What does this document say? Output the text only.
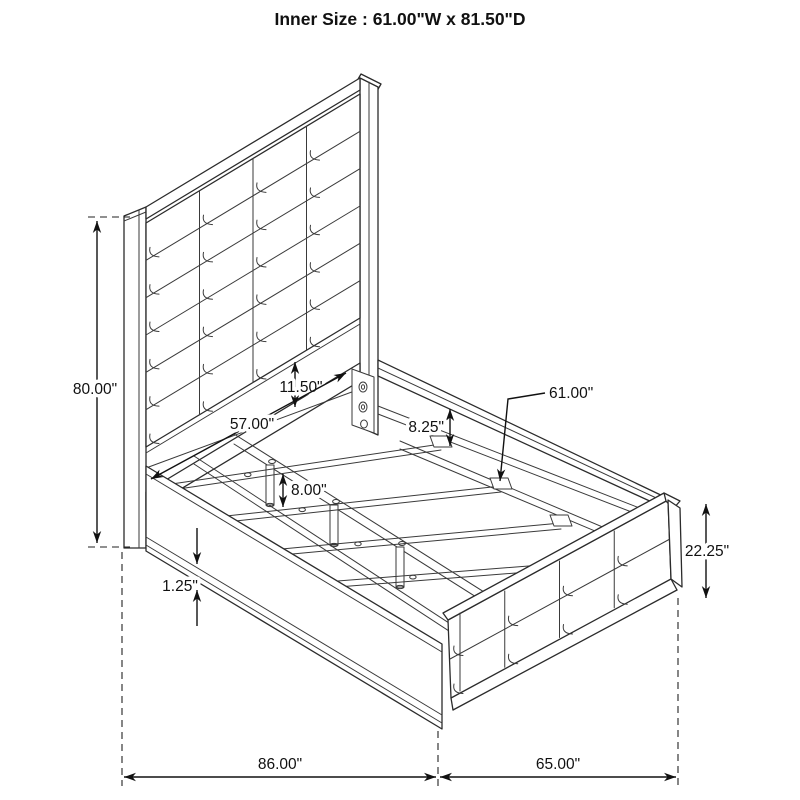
Inner Size : 61.00"W x 81.50"D
80.00"	11.50"
57.00"	8.25"
61.00"
8.00"
1.25"
22.25"
86.00"	65.00"
